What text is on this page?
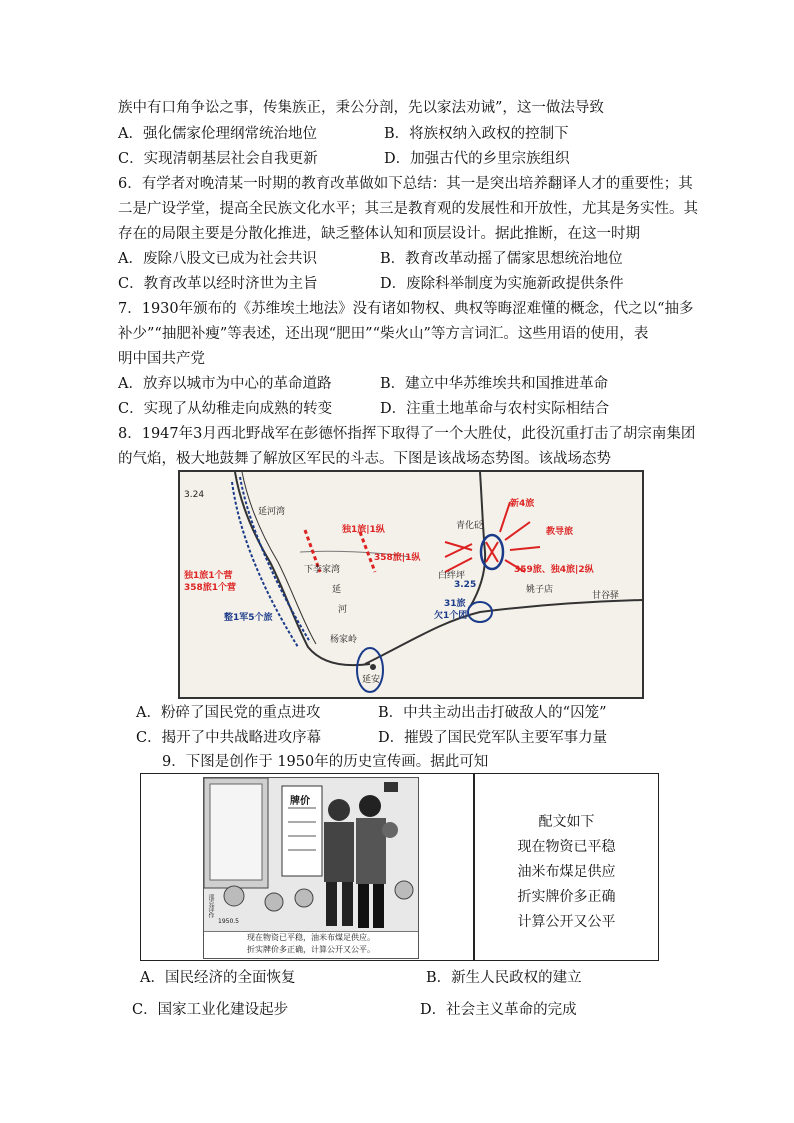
族中有口角争讼之事，传集族正，秉公分剖，先以家法劝诫”，这一做法导致
A．强化儒家伦理纲常统治地位	B．将族权纳入政权的控制下
C．实现清朝基层社会自我更新	D．加强古代的乡里宗族组织
6．有学者对晚清某一时期的教育改革做如下总结：其一是突出培养翻译人才的重要性；其
二是广设学堂，提高全民族文化水平；其三是教育观的发展性和开放性，尤其是务实性。其
存在的局限主要是分散化推进，缺乏整体认知和顶层设计。据此推断，在这一时期
A．废除八股文已成为社会共识	B．教育改革动摇了儒家思想统治地位
C．教育改革以经时济世为主旨	D．废除科举制度为实施新政提供条件
7．1930年颁布的《苏维埃土地法》没有诸如物权、典权等晦涩难懂的概念，代之以“抽多
补少”“抽肥补瘦”等表述，还出现“肥田”“柴火山”等方言词汇。这些用语的使用，表
明中国共产党
A．放弃以城市为中心的革命道路	B．建立中华苏维埃共和国推进革命
C．实现了从幼稚走向成熟的转变	D．注重土地革命与农村实际相结合
8．1947年3月西北野战军在彭德怀指挥下取得了一个大胜仗，此役沉重打击了胡宗南集团
的气焰，极大地鼓舞了解放区军民的斗志。下图是该战场态势图。该战场态势
3.24
延河湾
独1旅|1纵
358旅|1纵
独1旅1个营
358旅1个营
下李家湾
整1军5个旅
延
河
杨家岭
延安
青化砭
新4旅
教导旅
白绊坪
3.25
359旅、独4旅|2纵
姚子店
甘谷驿
31旅
欠1个团
A．粉碎了国民党的重点进攻	B．中共主动出击打破敌人的“囚笼”
C．揭开了中共战略进攻序幕	D．摧毁了国民党军队主要军事力量
9．下图是创作于 1950年的历史宣传画。据此可知
牌价
邵克萍作
1950.5
现在物资已平稳，油米布煤足供应。
折实牌价多正确，计算公开又公平。
配文如下
现在物资已平稳
油米布煤足供应
折实牌价多正确
计算公开又公平
A．国民经济的全面恢复	B．新生人民政权的建立
C．国家工业化建设起步	D．社会主义革命的完成
